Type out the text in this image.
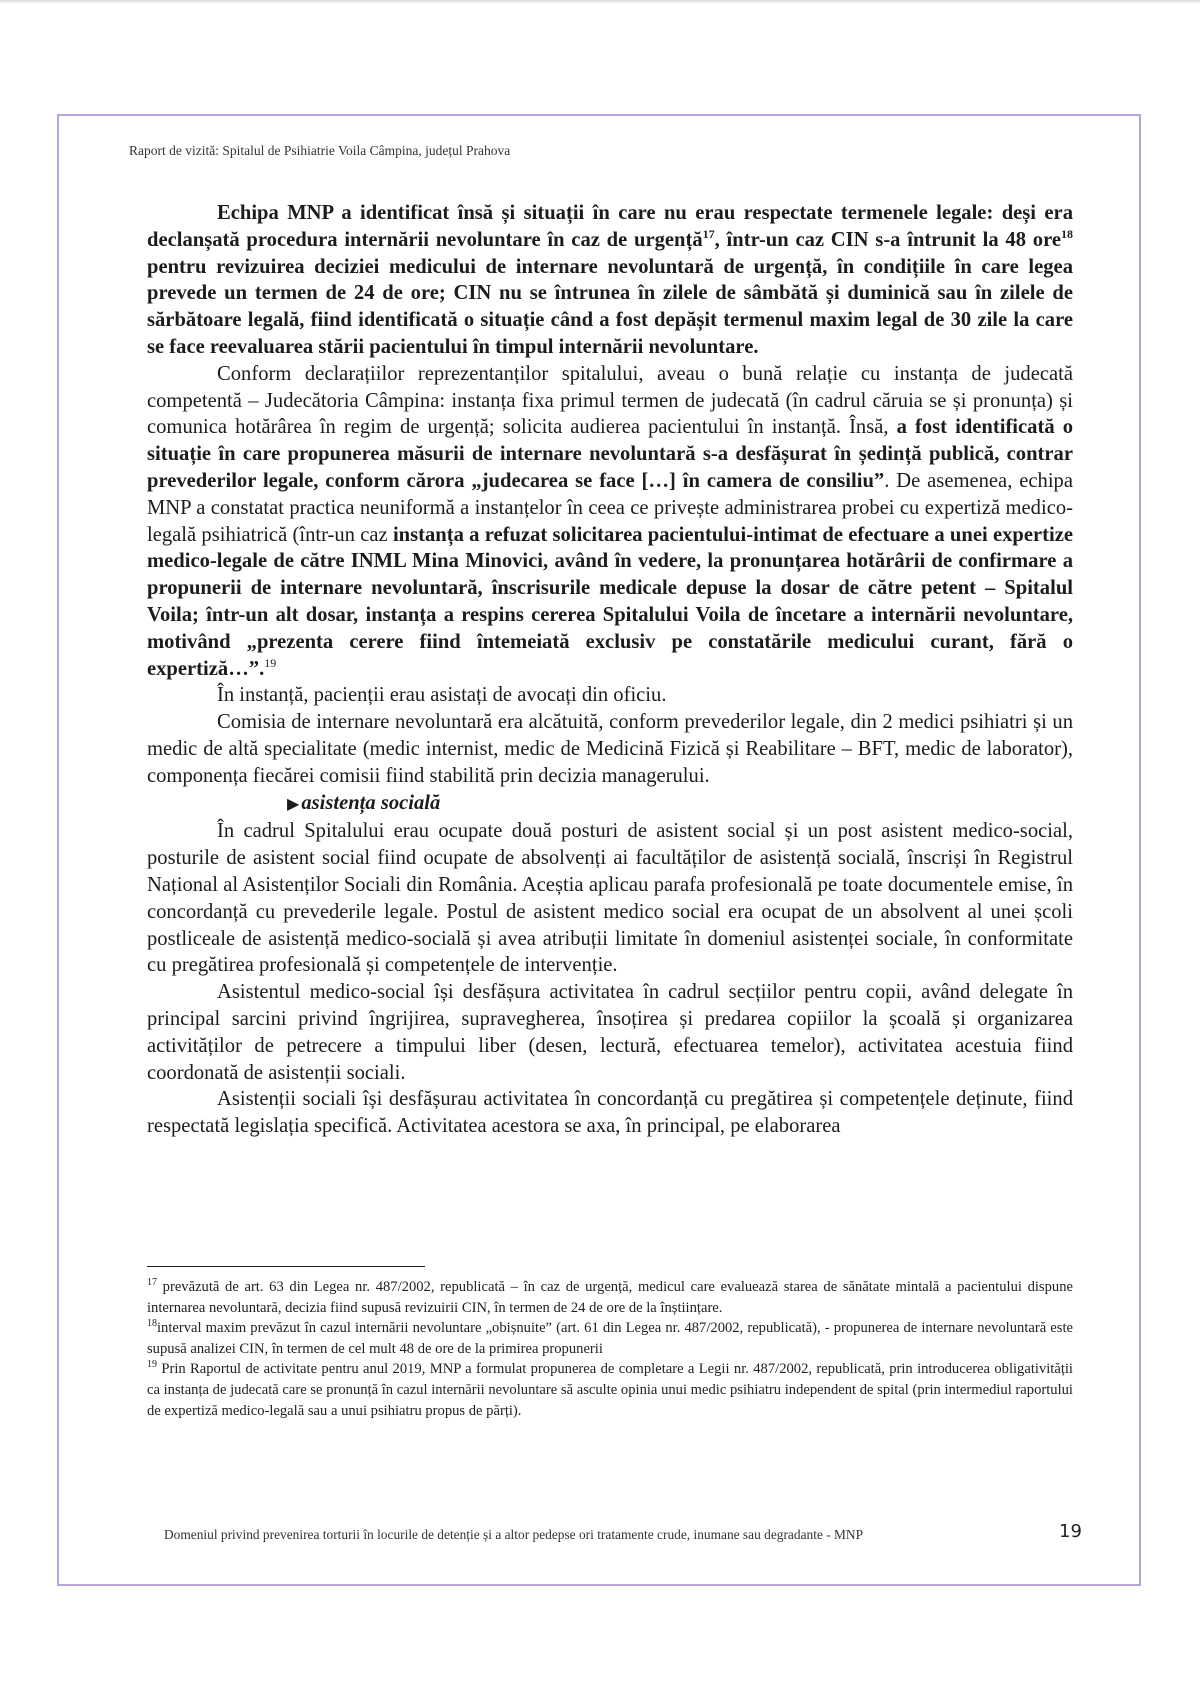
Raport de vizită: Spitalul de Psihiatrie Voila Câmpina, județul Prahova

Echipa MNP a identificat însă și situații în care nu erau respectate termenele legale: deși era declanșată procedura internării nevoluntare în caz de urgență$^{17}$, într-un caz CIN s-a întrunit la 48 ore$^{18}$ pentru revizuirea deciziei medicului de internare nevoluntară de urgență, în condițiile în care legea prevede un termen de 24 de ore; CIN nu se întrunea în zilele de sâmbătă și duminică sau în zilele de sărbătoare legală, fiind identificată o situație când a fost depășit termenul maxim legal de 30 zile la care se face reevaluarea stării pacientului în timpul internării nevoluntare.

Conform declarațiilor reprezentanților spitalului, aveau o bună relație cu instanța de judecată competentă – Judecătoria Câmpina: instanța fixa primul termen de judecată (în cadrul căruia se și pronunța) și comunica hotărârea în regim de urgență; solicita audierea pacientului în instanță. Însă, a fost identificată o situație în care propunerea măsurii de internare nevoluntară s-a desfășurat în ședință publică, contrar prevederilor legale, conform cărora „judecarea se face […] în camera de consiliu”. De asemenea, echipa MNP a constatat practica neuniformă a instanțelor în ceea ce privește administrarea probei cu expertiză medico-legală psihiatrică (într-un caz instanța a refuzat solicitarea pacientului-intimat de efectuare a unei expertize medico-legale de către INML Mina Minovici, având în vedere, la pronunțarea hotărârii de confirmare a propunerii de internare nevoluntară, înscrisurile medicale depuse la dosar de către petent – Spitalul Voila; într-un alt dosar, instanța a respins cererea Spitalului Voila de încetare a internării nevoluntare, motivând „prezenta cerere fiind întemeiată exclusiv pe constatările medicului curant, fără o expertiză…”.$^{19}$

În instanță, pacienții erau asistați de avocați din oficiu.

Comisia de internare nevoluntară era alcătuită, conform prevederilor legale, din 2 medici psihiatri și un medic de altă specialitate (medic internist, medic de Medicină Fizică și Reabilitare – BFT, medic de laborator), componența fiecărei comisii fiind stabilită prin decizia managerului.

▶asistența socială

În cadrul Spitalului erau ocupate două posturi de asistent social și un post asistent medico-social, posturile de asistent social fiind ocupate de absolvenți ai facultăților de asistență socială, înscriși în Registrul Național al Asistenților Sociali din România. Aceștia aplicau parafa profesională pe toate documentele emise, în concordanță cu prevederile legale. Postul de asistent medico social era ocupat de un absolvent al unei școli postliceale de asistență medico-socială și avea atribuții limitate în domeniul asistenței sociale, în conformitate cu pregătirea profesională și competențele de intervenție.

Asistentul medico-social își desfășura activitatea în cadrul secțiilor pentru copii, având delegate în principal sarcini privind îngrijirea, supravegherea, însoțirea și predarea copiilor la școală și organizarea activităților de petrecere a timpului liber (desen, lectură, efectuarea temelor), activitatea acestuia fiind coordonată de asistenții sociali.

Asistenții sociali își desfășurau activitatea în concordanță cu pregătirea și competențele deținute, fiind respectată legislația specifică. Activitatea acestora se axa, în principal, pe elaborarea

$^{17}$ prevăzută de art. 63 din Legea nr. 487/2002, republicată – în caz de urgență, medicul care evaluează starea de sănătate mintală a pacientului dispune internarea nevoluntară, decizia fiind supusă revizuirii CIN, în termen de 24 de ore de la înștiințare.

$^{18}$interval maxim prevăzut în cazul internării nevoluntare „obișnuite” (art. 61 din Legea nr. 487/2002, republicată), - propunerea de internare nevoluntară este supusă analizei CIN, în termen de cel mult 48 de ore de la primirea propunerii

$^{19}$ Prin Raportul de activitate pentru anul 2019, MNP a formulat propunerea de completare a Legii nr. 487/2002, republicată, prin introducerea obligativității ca instanța de judecată care se pronunță în cazul internării nevoluntare să asculte opinia unui medic psihiatru independent de spital (prin intermediul raportului de expertiză medico-legală sau a unui psihiatru propus de părți).

Domeniul privind prevenirea torturii în locurile de detenție și a altor pedepse ori tratamente crude, inumane sau degradante - MNP	19
